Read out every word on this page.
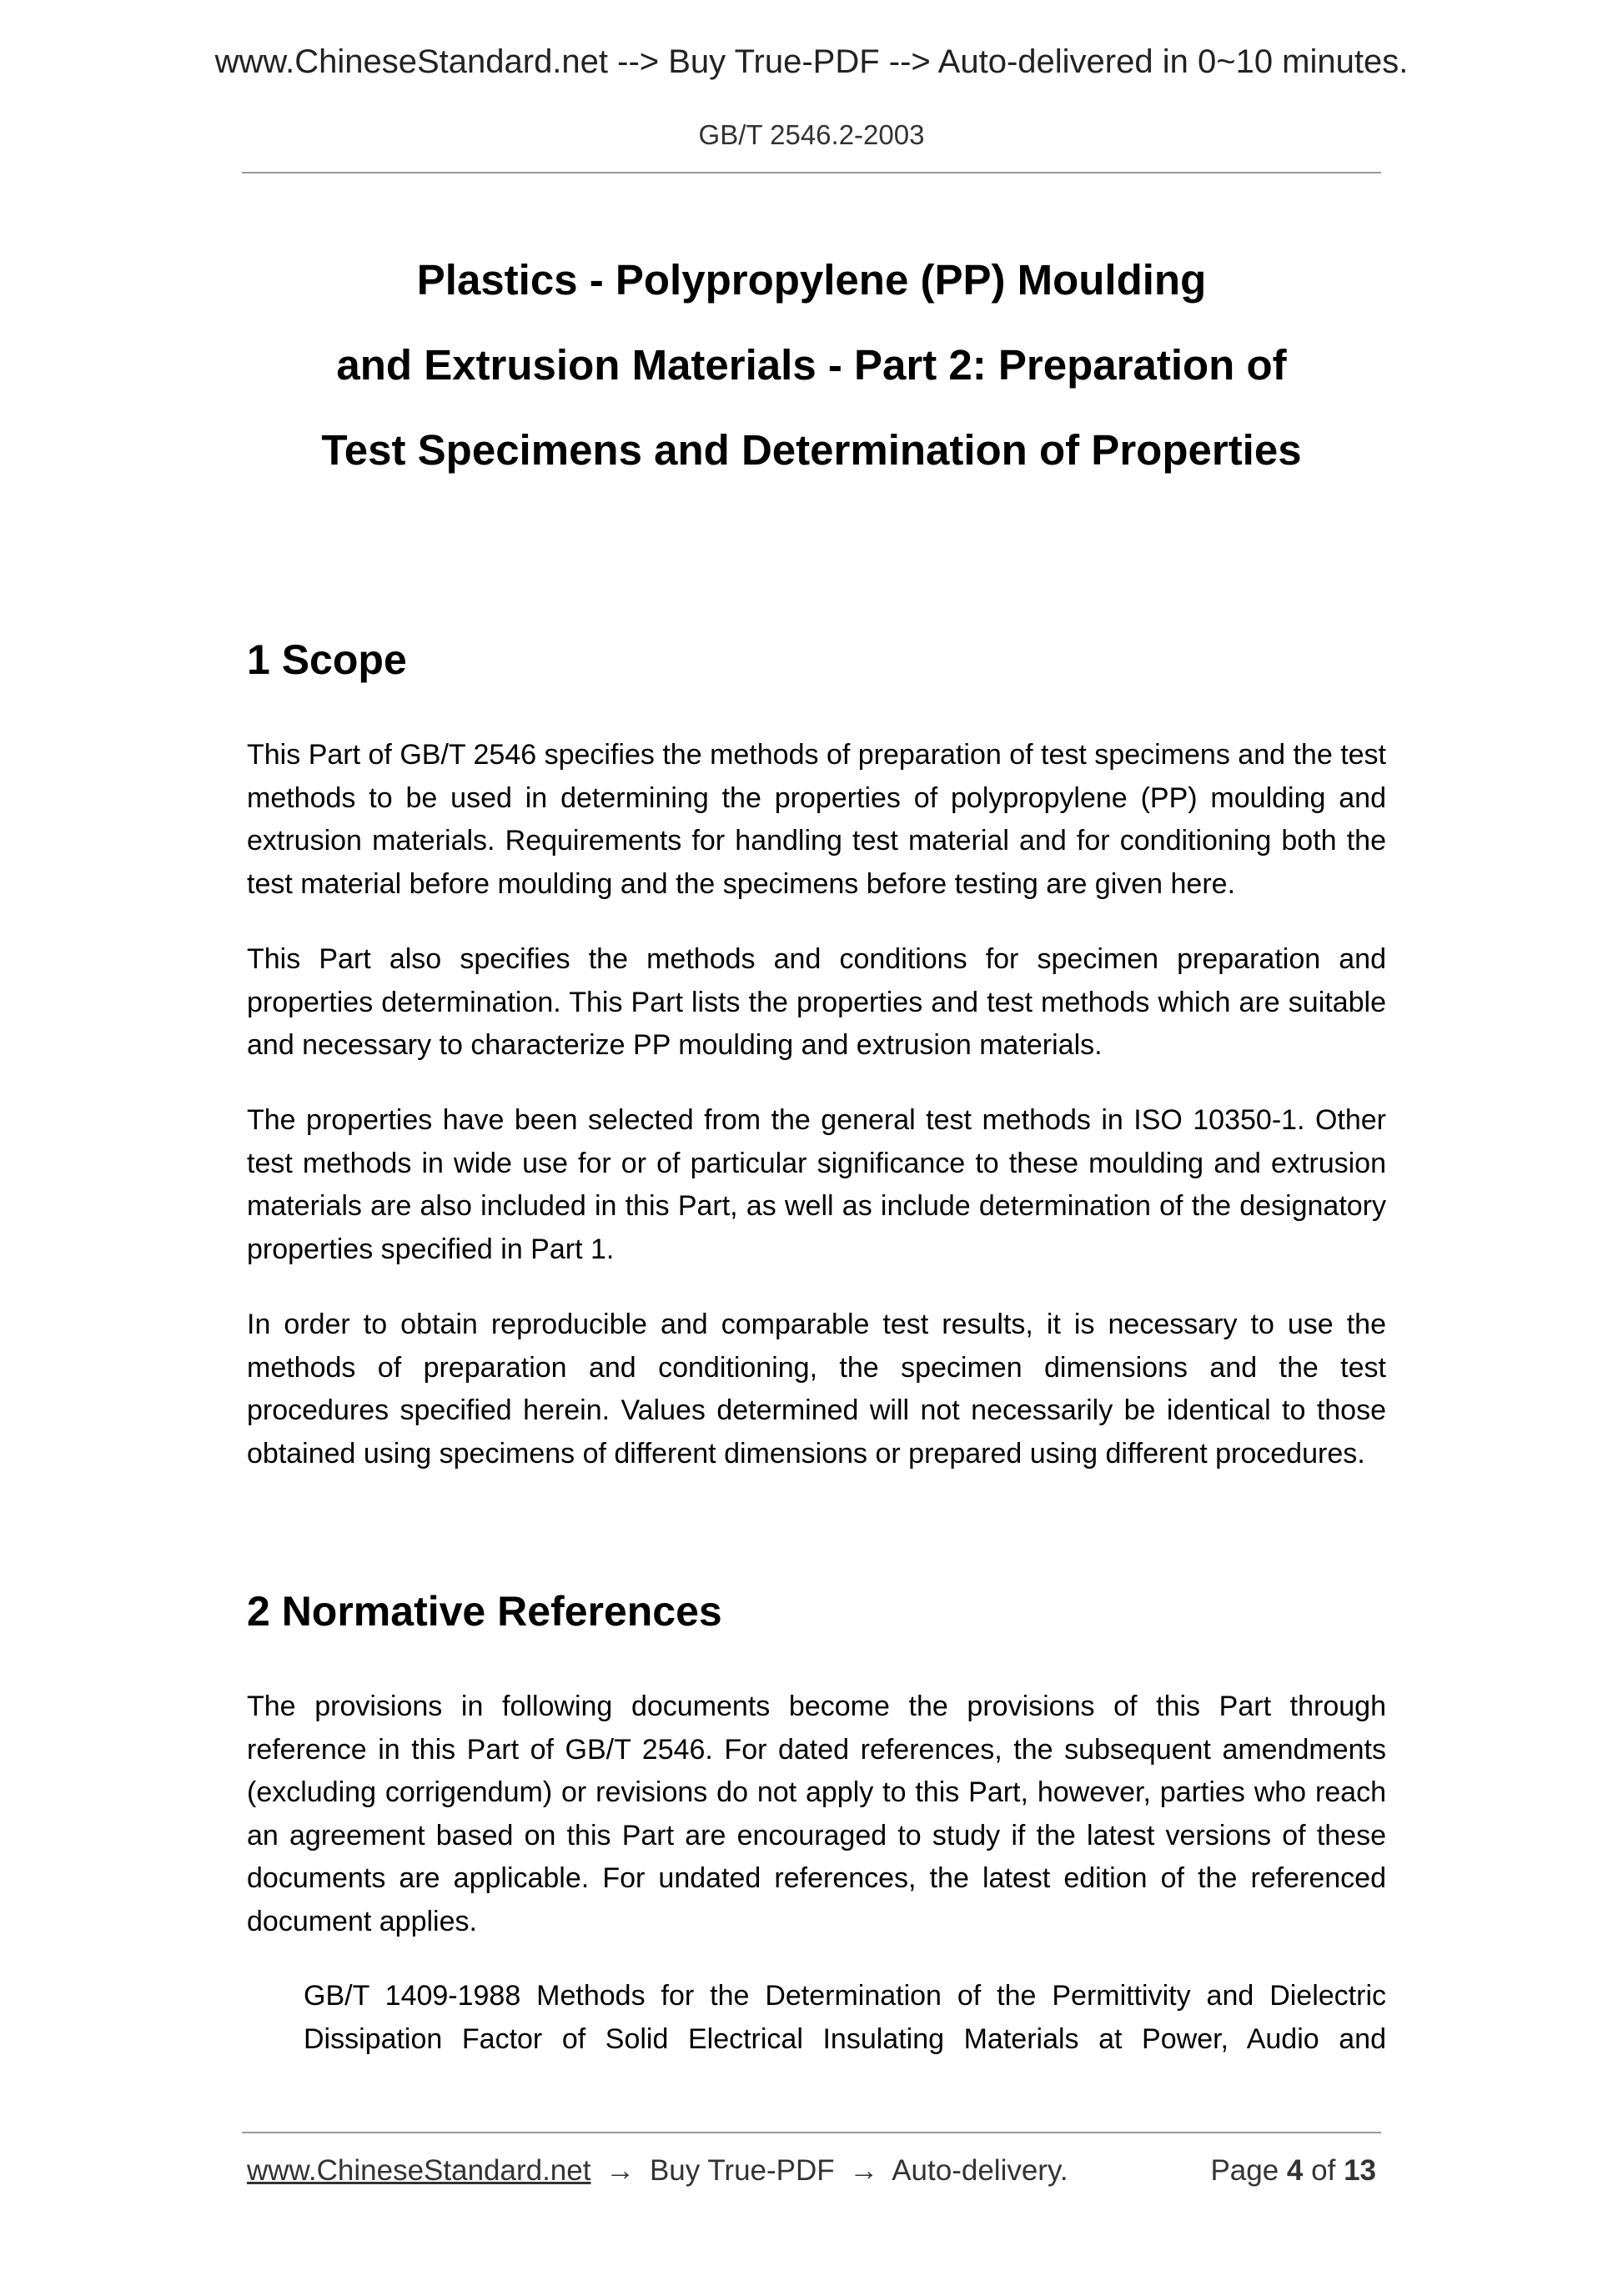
www.ChineseStandard.net --> Buy True-PDF --> Auto-delivered in 0~10 minutes.
GB/T 2546.2-2003
Plastics - Polypropylene (PP) Moulding
and Extrusion Materials - Part 2: Preparation of
Test Specimens and Determination of Properties
1 Scope

This Part of GB/T 2546 specifies the methods of preparation of test specimens and the test methods to be used in determining the properties of polypropylene (PP) moulding and extrusion materials. Requirements for handling test material and for conditioning both the test material before moulding and the specimens before testing are given here.

This Part also specifies the methods and conditions for specimen preparation and properties determination. This Part lists the properties and test methods which are suitable and necessary to characterize PP moulding and extrusion materials.

The properties have been selected from the general test methods in ISO 10350-1. Other test methods in wide use for or of particular significance to these moulding and extrusion materials are also included in this Part, as well as include determination of the designatory properties specified in Part 1.

In order to obtain reproducible and comparable test results, it is necessary to use the methods of preparation and conditioning, the specimen dimensions and the test procedures specified herein. Values determined will not necessarily be identical to those obtained using specimens of different dimensions or prepared using different procedures.

2 Normative References

The provisions in following documents become the provisions of this Part through reference in this Part of GB/T 2546. For dated references, the subsequent amendments (excluding corrigendum) or revisions do not apply to this Part, however, parties who reach an agreement based on this Part are encouraged to study if the latest versions of these documents are applicable. For undated references, the latest edition of the referenced document applies.

GB/T 1409-1988 Methods for the Determination of the Permittivity and Dielectric Dissipation Factor of Solid Electrical Insulating Materials at Power, Audio and

www.ChineseStandard.net → Buy True-PDF → Auto-delivery.	Page 4 of 13
